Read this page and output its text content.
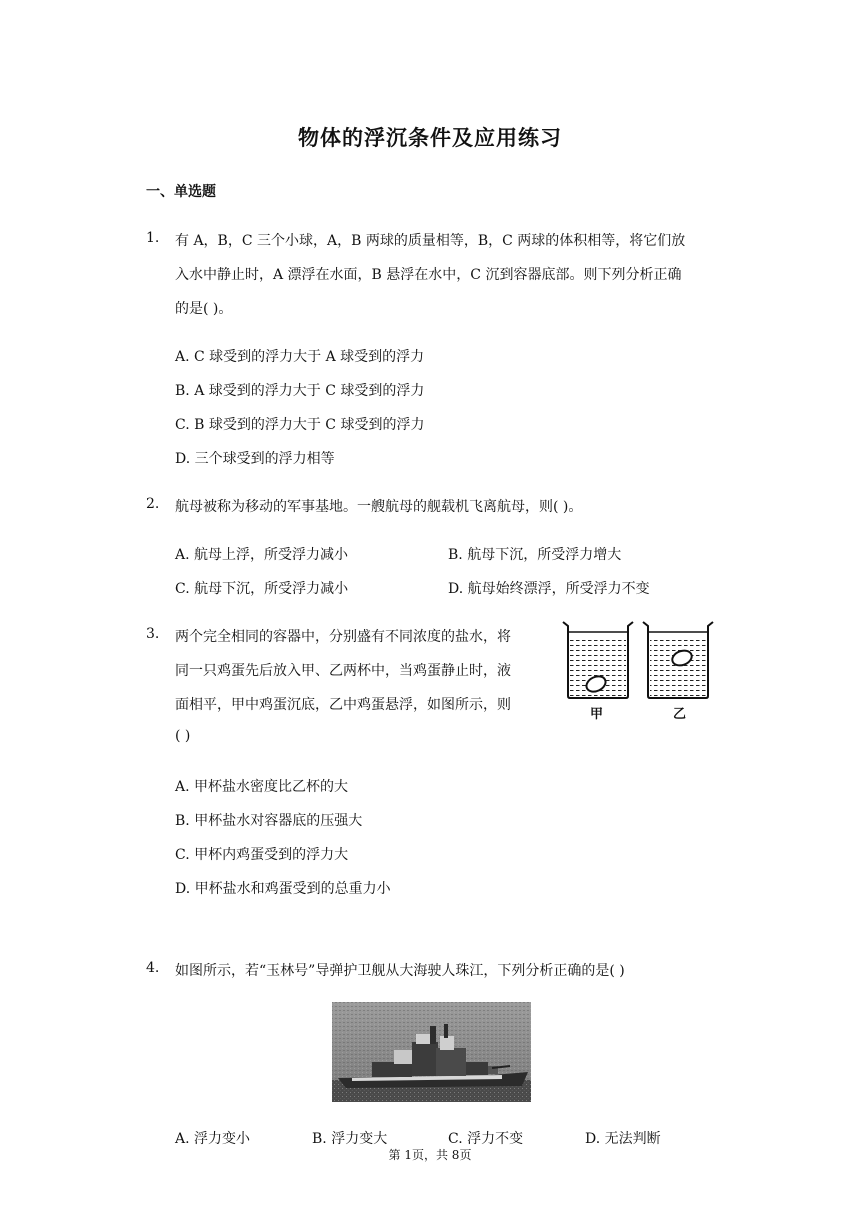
物体的浮沉条件及应用练习
一、单选题
1. 有 A，B，C 三个小球，A，B 两球的质量相等，B，C 两球的体积相等，将它们放
入水中静止时，A 漂浮在水面，B 悬浮在水中，C 沉到容器底部。则下列分析正确
的是( )。
A. C 球受到的浮力大于 A 球受到的浮力
B. A 球受到的浮力大于 C 球受到的浮力
C. B 球受到的浮力大于 C 球受到的浮力
D. 三个球受到的浮力相等
2. 航母被称为移动的军事基地。一艘航母的舰载机飞离航母，则( )。
A. 航母上浮，所受浮力减小	B. 航母下沉，所受浮力增大
C. 航母下沉，所受浮力减小	D. 航母始终漂浮，所受浮力不变
3. 两个完全相同的容器中，分别盛有不同浓度的盐水，将
同一只鸡蛋先后放入甲、乙两杯中，当鸡蛋静止时，液
面相平，甲中鸡蛋沉底，乙中鸡蛋悬浮，如图所示，则
( )
甲	乙
A. 甲杯盐水密度比乙杯的大
B. 甲杯盐水对容器底的压强大
C. 甲杯内鸡蛋受到的浮力大
D. 甲杯盐水和鸡蛋受到的总重力小
4. 如图所示，若“玉林号”导弹护卫舰从大海驶人珠江，下列分析正确的是( )
A. 浮力变小	B. 浮力变大	C. 浮力不变	D. 无法判断
第 1页，共 8页
